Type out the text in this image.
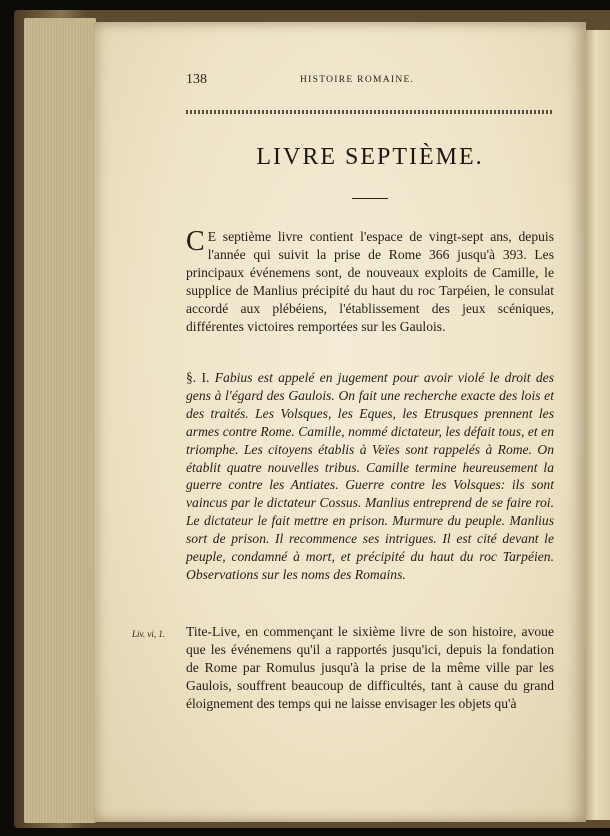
138	HISTOIRE ROMAINE.
LIVRE SEPTIÈME.

C E septième livre contient l'espace de vingt-sept ans, depuis l'année qui suivit la prise de Rome 366 jusqu'à 393. Les principaux événemens sont, de nouveaux exploits de Camille, le supplice de Manlius précipité du haut du roc Tarpéien, le consulat accordé aux plébéiens, l'établissement des jeux scéniques, différentes victoires remportées sur les Gaulois.

§. I. Fabius est appelé en jugement pour avoir violé le droit des gens à l'égard des Gaulois. On fait une recherche exacte des lois et des traités. Les Volsques, les Eques, les Etrusques prennent les armes contre Rome. Camille, nommé dictateur, les défait tous, et en triomphe. Les citoyens établis à Veïes sont rappelés à Rome. On établit quatre nouvelles tribus. Camille termine heureusement la guerre contre les Antiates. Guerre contre les Volsques: ils sont vaincus par le dictateur Cossus. Manlius entreprend de se faire roi. Le dictateur le fait mettre en prison. Murmure du peuple. Manlius sort de prison. Il recommence ses intrigues. Il est cité devant le peuple, condamné à mort, et précipité du haut du roc Tarpéien. Observations sur les noms des Romains.

Liv. vi, 1.	Tite-Live, en commençant le sixième livre de son histoire, avoue que les événemens qu'il a rapportés jusqu'ici, depuis la fondation de Rome par Romulus jusqu'à la prise de la même ville par les Gaulois, souffrent beaucoup de difficultés, tant à cause du grand éloignement des temps qui ne laisse envisager les objets qu'à
